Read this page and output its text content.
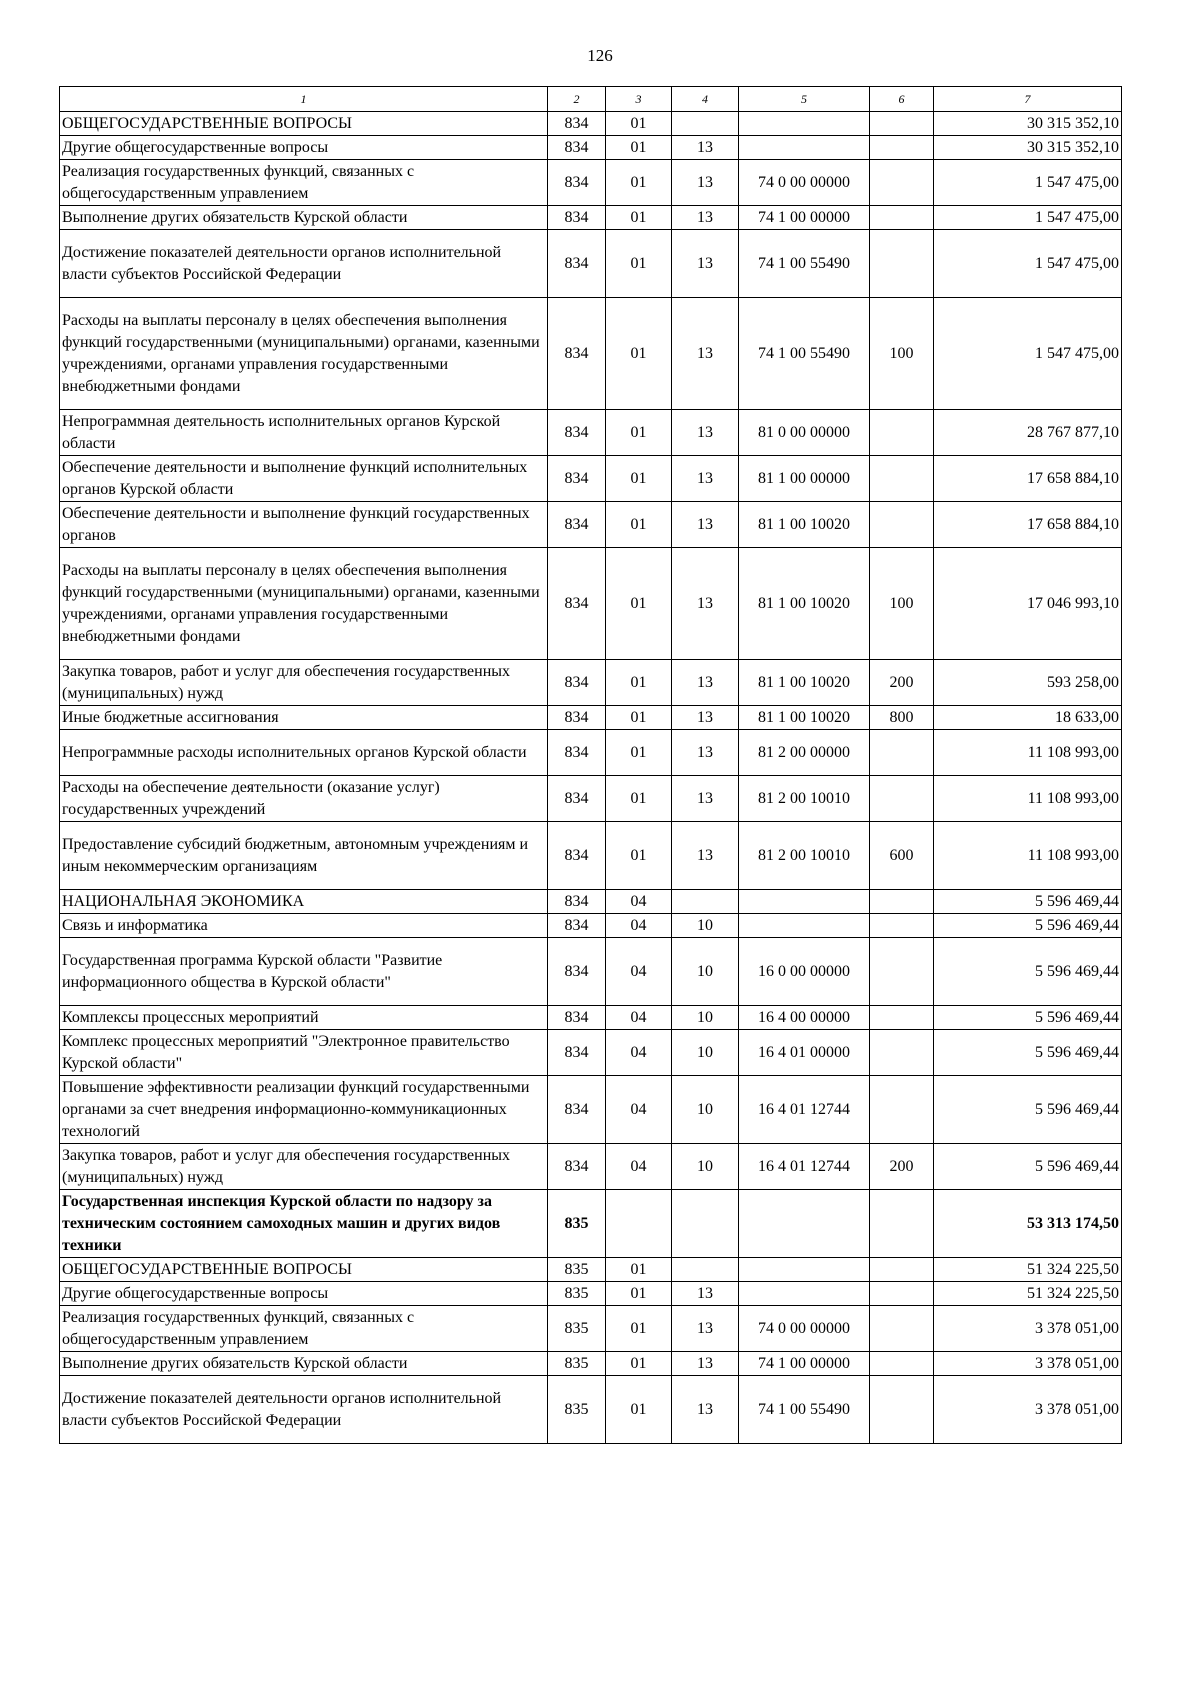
126
1	2	3	4	5	6	7
ОБЩЕГОСУДАРСТВЕННЫЕ ВОПРОСЫ	834	01				30 315 352,10
Другие общегосударственные вопросы	834	01	13			30 315 352,10
Реализация государственных функций, связанных с общегосударственным управлением	834	01	13	74 0 00 00000		1 547 475,00
Выполнение других обязательств Курской области	834	01	13	74 1 00 00000		1 547 475,00
Достижение показателей деятельности органов исполнительной власти субъектов Российской Федерации	834	01	13	74 1 00 55490		1 547 475,00
Расходы на выплаты персоналу в целях обеспечения выполнения функций государственными (муниципальными) органами, казенными учреждениями, органами управления государственными внебюджетными фондами	834	01	13	74 1 00 55490	100	1 547 475,00
Непрограммная деятельность исполнительных органов Курской области	834	01	13	81 0 00 00000		28 767 877,10
Обеспечение деятельности и выполнение функций исполнительных органов Курской области	834	01	13	81 1 00 00000		17 658 884,10
Обеспечение деятельности и выполнение функций государственных органов	834	01	13	81 1 00 10020		17 658 884,10
Расходы на выплаты персоналу в целях обеспечения выполнения функций государственными (муниципальными) органами, казенными учреждениями, органами управления государственными внебюджетными фондами	834	01	13	81 1 00 10020	100	17 046 993,10
Закупка товаров, работ и услуг для обеспечения государственных (муниципальных) нужд	834	01	13	81 1 00 10020	200	593 258,00
Иные бюджетные ассигнования	834	01	13	81 1 00 10020	800	18 633,00
Непрограммные расходы исполнительных органов Курской области	834	01	13	81 2 00 00000		11 108 993,00
Расходы на обеспечение деятельности (оказание услуг) государственных учреждений	834	01	13	81 2 00 10010		11 108 993,00
Предоставление субсидий бюджетным, автономным учреждениям и иным некоммерческим организациям	834	01	13	81 2 00 10010	600	11 108 993,00
НАЦИОНАЛЬНАЯ ЭКОНОМИКА	834	04				5 596 469,44
Связь и информатика	834	04	10			5 596 469,44
Государственная программа Курской области "Развитие информационного общества в Курской области"	834	04	10	16 0 00 00000		5 596 469,44
Комплексы процессных мероприятий	834	04	10	16 4 00 00000		5 596 469,44
Комплекс процессных мероприятий "Электронное правительство Курской области"	834	04	10	16 4 01 00000		5 596 469,44
Повышение эффективности реализации функций государственными органами за счет внедрения информационно-коммуникационных технологий	834	04	10	16 4 01 12744		5 596 469,44
Закупка товаров, работ и услуг для обеспечения государственных (муниципальных) нужд	834	04	10	16 4 01 12744	200	5 596 469,44
Государственная инспекция Курской области по надзору за техническим состоянием самоходных машин и других видов техники	835					53 313 174,50
ОБЩЕГОСУДАРСТВЕННЫЕ ВОПРОСЫ	835	01				51 324 225,50
Другие общегосударственные вопросы	835	01	13			51 324 225,50
Реализация государственных функций, связанных с общегосударственным управлением	835	01	13	74 0 00 00000		3 378 051,00
Выполнение других обязательств Курской области	835	01	13	74 1 00 00000		3 378 051,00
Достижение показателей деятельности органов исполнительной власти субъектов Российской Федерации	835	01	13	74 1 00 55490		3 378 051,00
